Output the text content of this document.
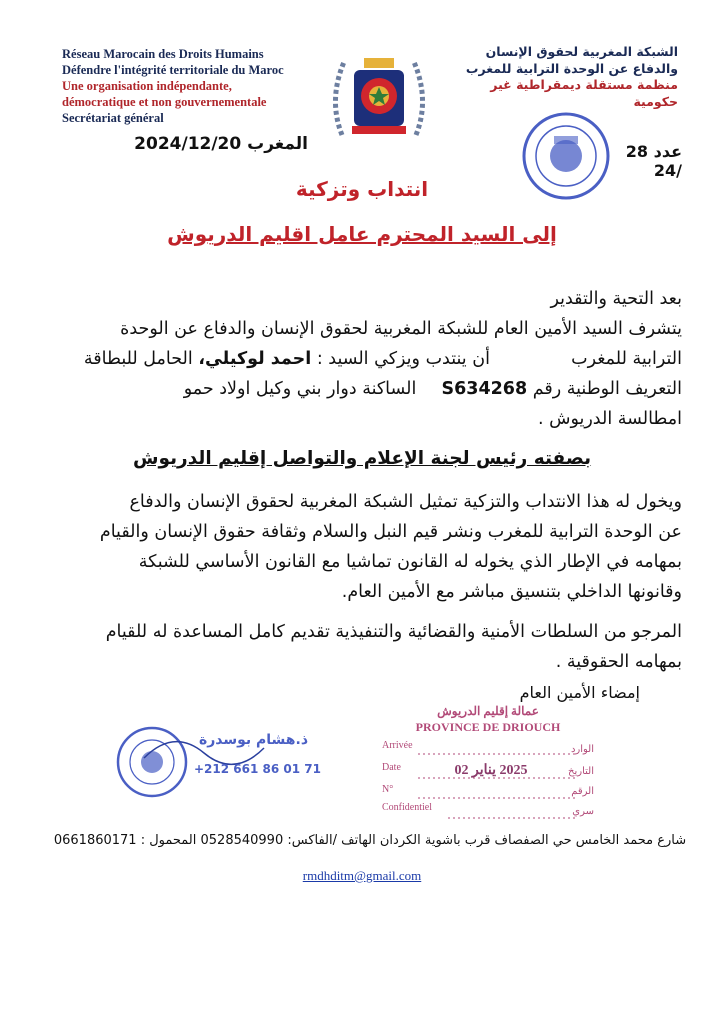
Réseau Marocain des Droits Humains
Défendre l'intégrité territoriale du Maroc
Une organisation indépendante,
démocratique et non gouvernementale
Secrétariat général
الشبكة المغربية لحقوق الإنسان
والدفاع عن الوحدة الترابية للمغرب
منظمة مستقلة ديمقراطية غير
حكومية
المغرب 2024/12/20	عدد 28 /24
انتداب وتزكية
إلى السيد المحترم عامل اقليم الدريوش
بعد التحية والتقدير
يتشرف السيد الأمين العام للشبكة المغربية لحقوق الإنسان والدفاع عن الوحدة
الترابية للمغرب  أن ينتدب ويزكي السيد : احمد لوكيلي، الحامل للبطاقة
التعريف الوطنية رقم S634268  الساكنة دوار بني وكيل اولاد حمو
امطالسة الدريوش .
بصفته رئيس لجنة الإعلام والتواصل إقليم الدريوش
ويخول له هذا الانتداب والتزكية تمثيل الشبكة المغربية لحقوق الإنسان والدفاع
عن الوحدة الترابية للمغرب ونشر قيم النبل والسلام وثقافة حقوق الإنسان والقيام
بمهامه في الإطار الذي يخوله له القانون تماشيا مع القانون الأساسي للشبكة
وقانونها الداخلي بتنسيق مباشر مع الأمين العام.
المرجو من السلطات الأمنية والقضائية والتنفيذية تقديم كامل المساعدة له للقيام
بمهامه الحقوقية .
إمضاء الأمين العام
ذ.هشام بوسدرة
+212 661 86 01 71
عمالة إقليم الدريوش
PROVINCE DE DRIOUCH
Arrivée	الوارد
Date	2025 يناير 02	التاريخ
N°	الرقم
Confidentiel	سري
شارع محمد الخامس حي الصفصاف قرب باشوية الكردان الهاتف /الفاكس: 0528540990 المحمول : 0661860171
rmdhditm@gmail.com
